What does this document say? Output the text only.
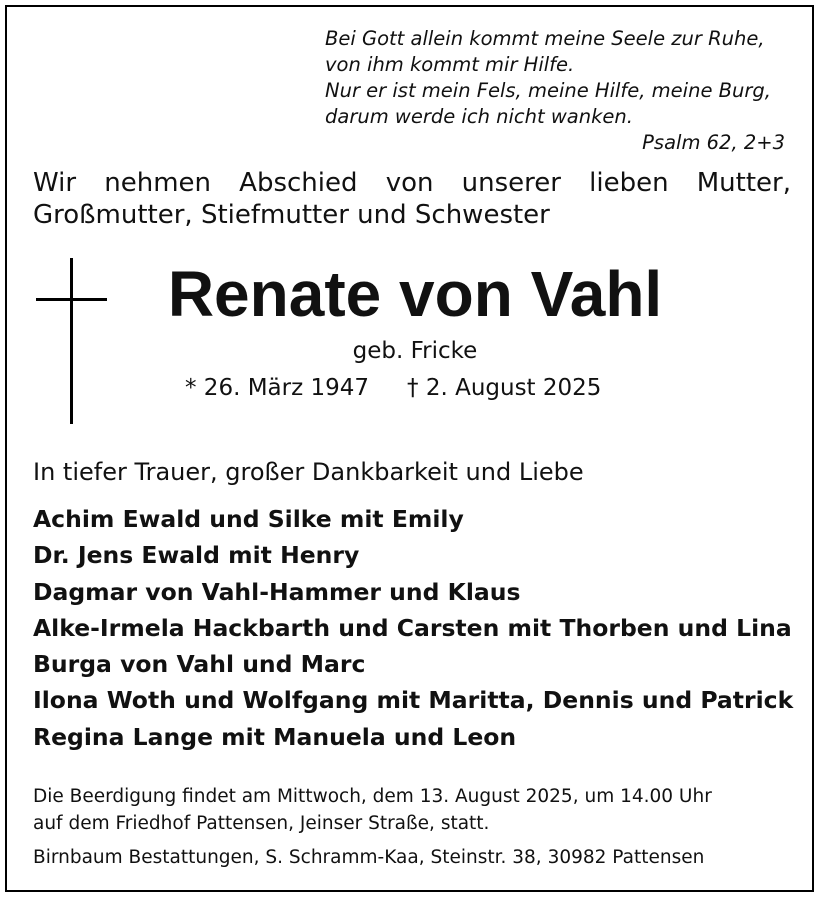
Bei Gott allein kommt meine Seele zur Ruhe,
von ihm kommt mir Hilfe.
Nur er ist mein Fels, meine Hilfe, meine Burg,
darum werde ich nicht wanken.
Psalm 62, 2+3
Wir nehmen Abschied von unserer lieben Mutter,
Großmutter, Stiefmutter und Schwester
Renate von Vahl
geb. Fricke
* 26. März 1947 † 2. August 2025
In tiefer Trauer, großer Dankbarkeit und Liebe
Achim Ewald und Silke mit Emily
Dr. Jens Ewald mit Henry
Dagmar von Vahl-Hammer und Klaus
Alke-Irmela Hackbarth und Carsten mit Thorben und Lina
Burga von Vahl und Marc
Ilona Woth und Wolfgang mit Maritta, Dennis und Patrick
Regina Lange mit Manuela und Leon
Die Beerdigung findet am Mittwoch, dem 13. August 2025, um 14.00 Uhr
auf dem Friedhof Pattensen, Jeinser Straße, statt.
Birnbaum Bestattungen, S. Schramm-Kaa, Steinstr. 38, 30982 Pattensen
